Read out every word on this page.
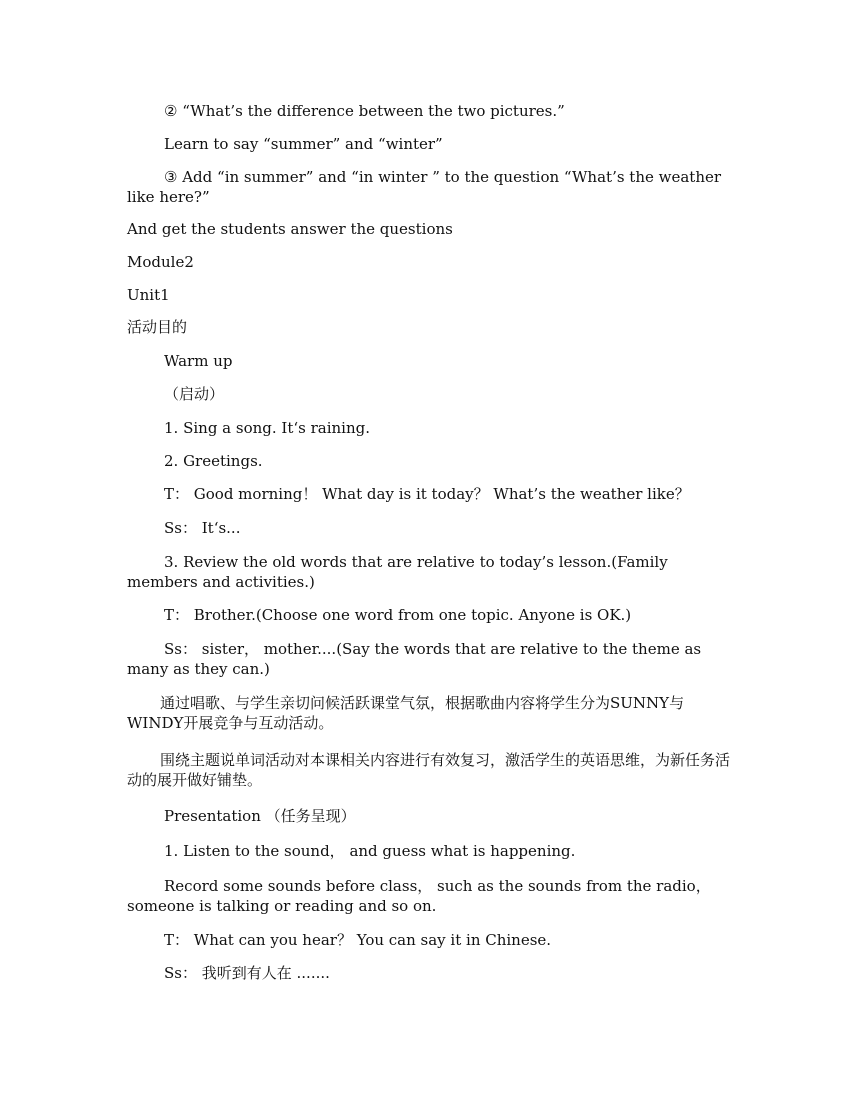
② “What’s the difference between the two pictures.”

Learn to say “summer” and “winter”

③ Add “in summer” and “in winter ” to the question “What’s the weather like here?”

And get the students answer the questions

Module2

Unit1

活动目的

Warm up

（启动）

1. Sing a song. It‘s raining.

2. Greetings.

T： Good morning！ What day is it today？ What’s the weather like？

Ss： It‘s...

3. Review the old words that are relative to today’s lesson.(Family members and activities.)

T： Brother.(Choose one word from one topic. Anyone is OK.)

Ss： sister， mother....(Say the words that are relative to the theme as many as they can.)

通过唱歌、与学生亲切问候活跃课堂气氛，根据歌曲内容将学生分为SUNNY与WINDY开展竞争与互动活动。

围绕主题说单词活动对本课相关内容进行有效复习，激活学生的英语思维，为新任务活动的展开做好铺垫。

Presentation （任务呈现）

1. Listen to the sound， and guess what is happening.

Record some sounds before class， such as the sounds from the radio，someone is talking or reading and so on.

T： What can you hear？ You can say it in Chinese.

Ss： 我听到有人在 .......
